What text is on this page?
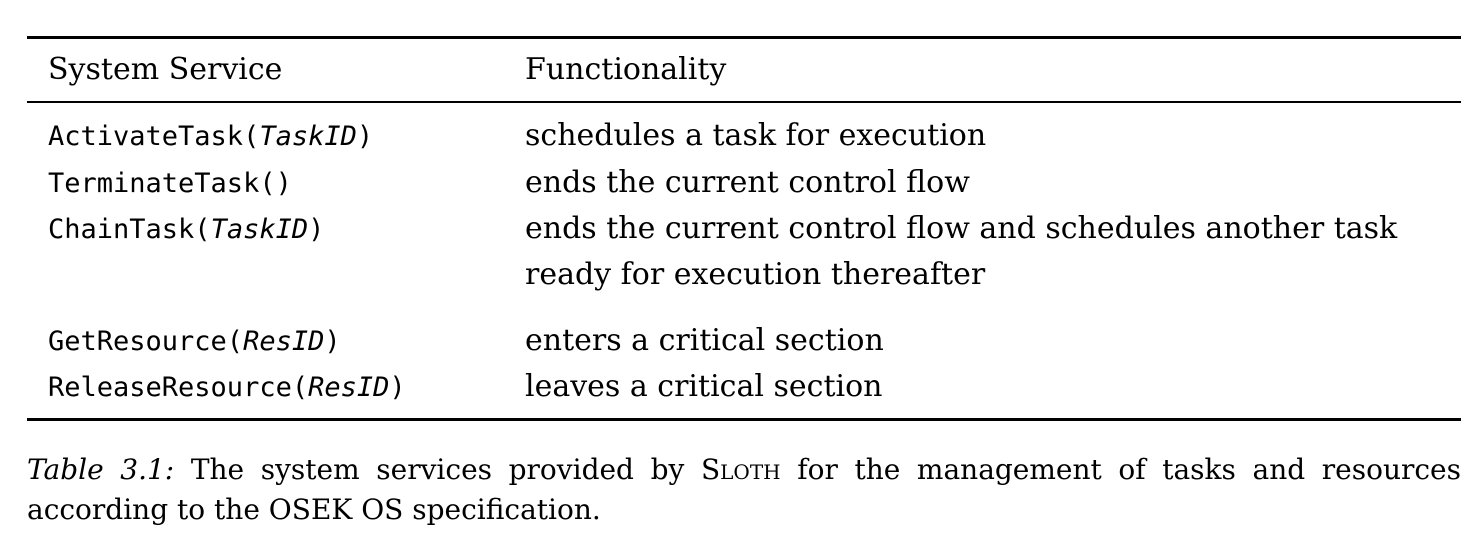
System Service	Functionality
ActivateTask(TaskID)	schedules a task for execution
TerminateTask()	ends the current control flow
ChainTask(TaskID)	ends the current control flow and schedules another task
ready for execution thereafter
GetResource(ResID)	enters a critical section
ReleaseResource(ResID)	leaves a critical section
Table 3.1: The system services provided by Sloth for the management of tasks and resources according to the OSEK OS specification.
